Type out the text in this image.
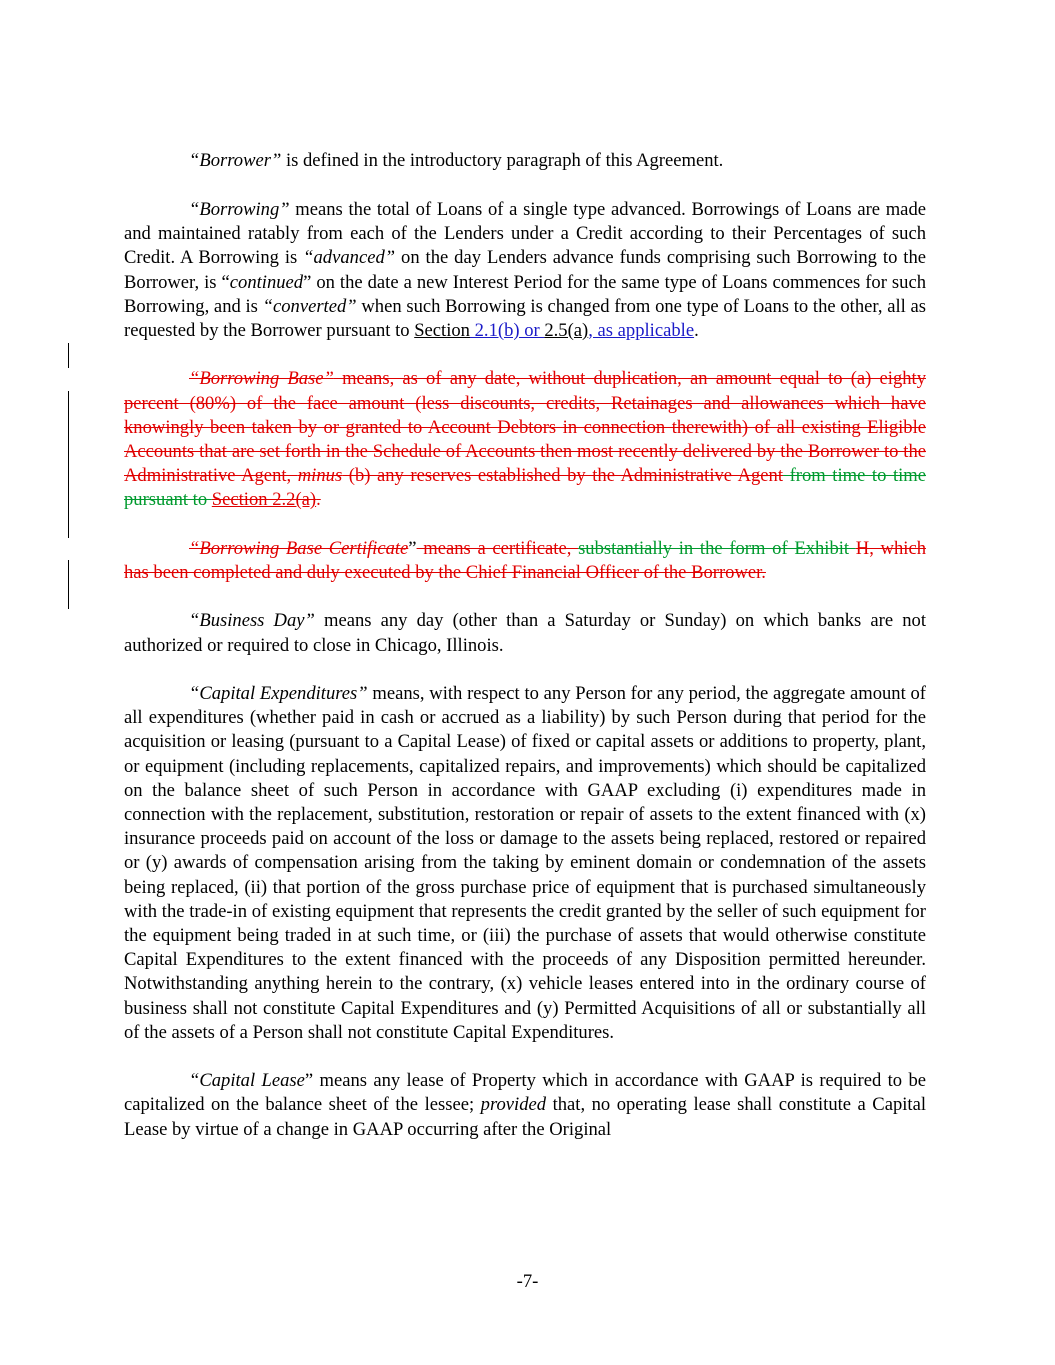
“Borrower” is defined in the introductory paragraph of this Agreement.

“Borrowing” means the total of Loans of a single type advanced. Borrowings of Loans are made and maintained ratably from each of the Lenders under a Credit according to their Percentages of such Credit. A Borrowing is “advanced” on the day Lenders advance funds comprising such Borrowing to the Borrower, is “continued” on the date a new Interest Period for the same type of Loans commences for such Borrowing, and is “converted” when such Borrowing is changed from one type of Loans to the other, all as requested by the Borrower pursuant to Section 2.1(b) or 2.5(a), as applicable.

“Borrowing Base” means, as of any date, without duplication, an amount equal to (a) eighty percent (80%) of the face amount (less discounts, credits, Retainages and allowances which have knowingly been taken by or granted to Account Debtors in connection therewith) of all existing Eligible Accounts that are set forth in the Schedule of Accounts then most recently delivered by the Borrower to the Administrative Agent, minus (b) any reserves established by the Administrative Agent from time to time pursuant to Section 2.2(a).

“Borrowing Base Certificate” means a certificate, substantially in the form of Exhibit H, which has been completed and duly executed by the Chief Financial Officer of the Borrower.

“Business Day” means any day (other than a Saturday or Sunday) on which banks are not authorized or required to close in Chicago, Illinois.

“Capital Expenditures” means, with respect to any Person for any period, the aggregate amount of all expenditures (whether paid in cash or accrued as a liability) by such Person during that period for the acquisition or leasing (pursuant to a Capital Lease) of fixed or capital assets or additions to property, plant, or equipment (including replacements, capitalized repairs, and improvements) which should be capitalized on the balance sheet of such Person in accordance with GAAP excluding (i) expenditures made in connection with the replacement, substitution, restoration or repair of assets to the extent financed with (x) insurance proceeds paid on account of the loss or damage to the assets being replaced, restored or repaired or (y) awards of compensation arising from the taking by eminent domain or condemnation of the assets being replaced, (ii) that portion of the gross purchase price of equipment that is purchased simultaneously with the trade-in of existing equipment that represents the credit granted by the seller of such equipment for the equipment being traded in at such time, or (iii) the purchase of assets that would otherwise constitute Capital Expenditures to the extent financed with the proceeds of any Disposition permitted hereunder. Notwithstanding anything herein to the contrary, (x) vehicle leases entered into in the ordinary course of business shall not constitute Capital Expenditures and (y) Permitted Acquisitions of all or substantially all of the assets of a Person shall not constitute Capital Expenditures.

“Capital Lease” means any lease of Property which in accordance with GAAP is required to be capitalized on the balance sheet of the lessee; provided that, no operating lease shall constitute a Capital Lease by virtue of a change in GAAP occurring after the Original

-7-
